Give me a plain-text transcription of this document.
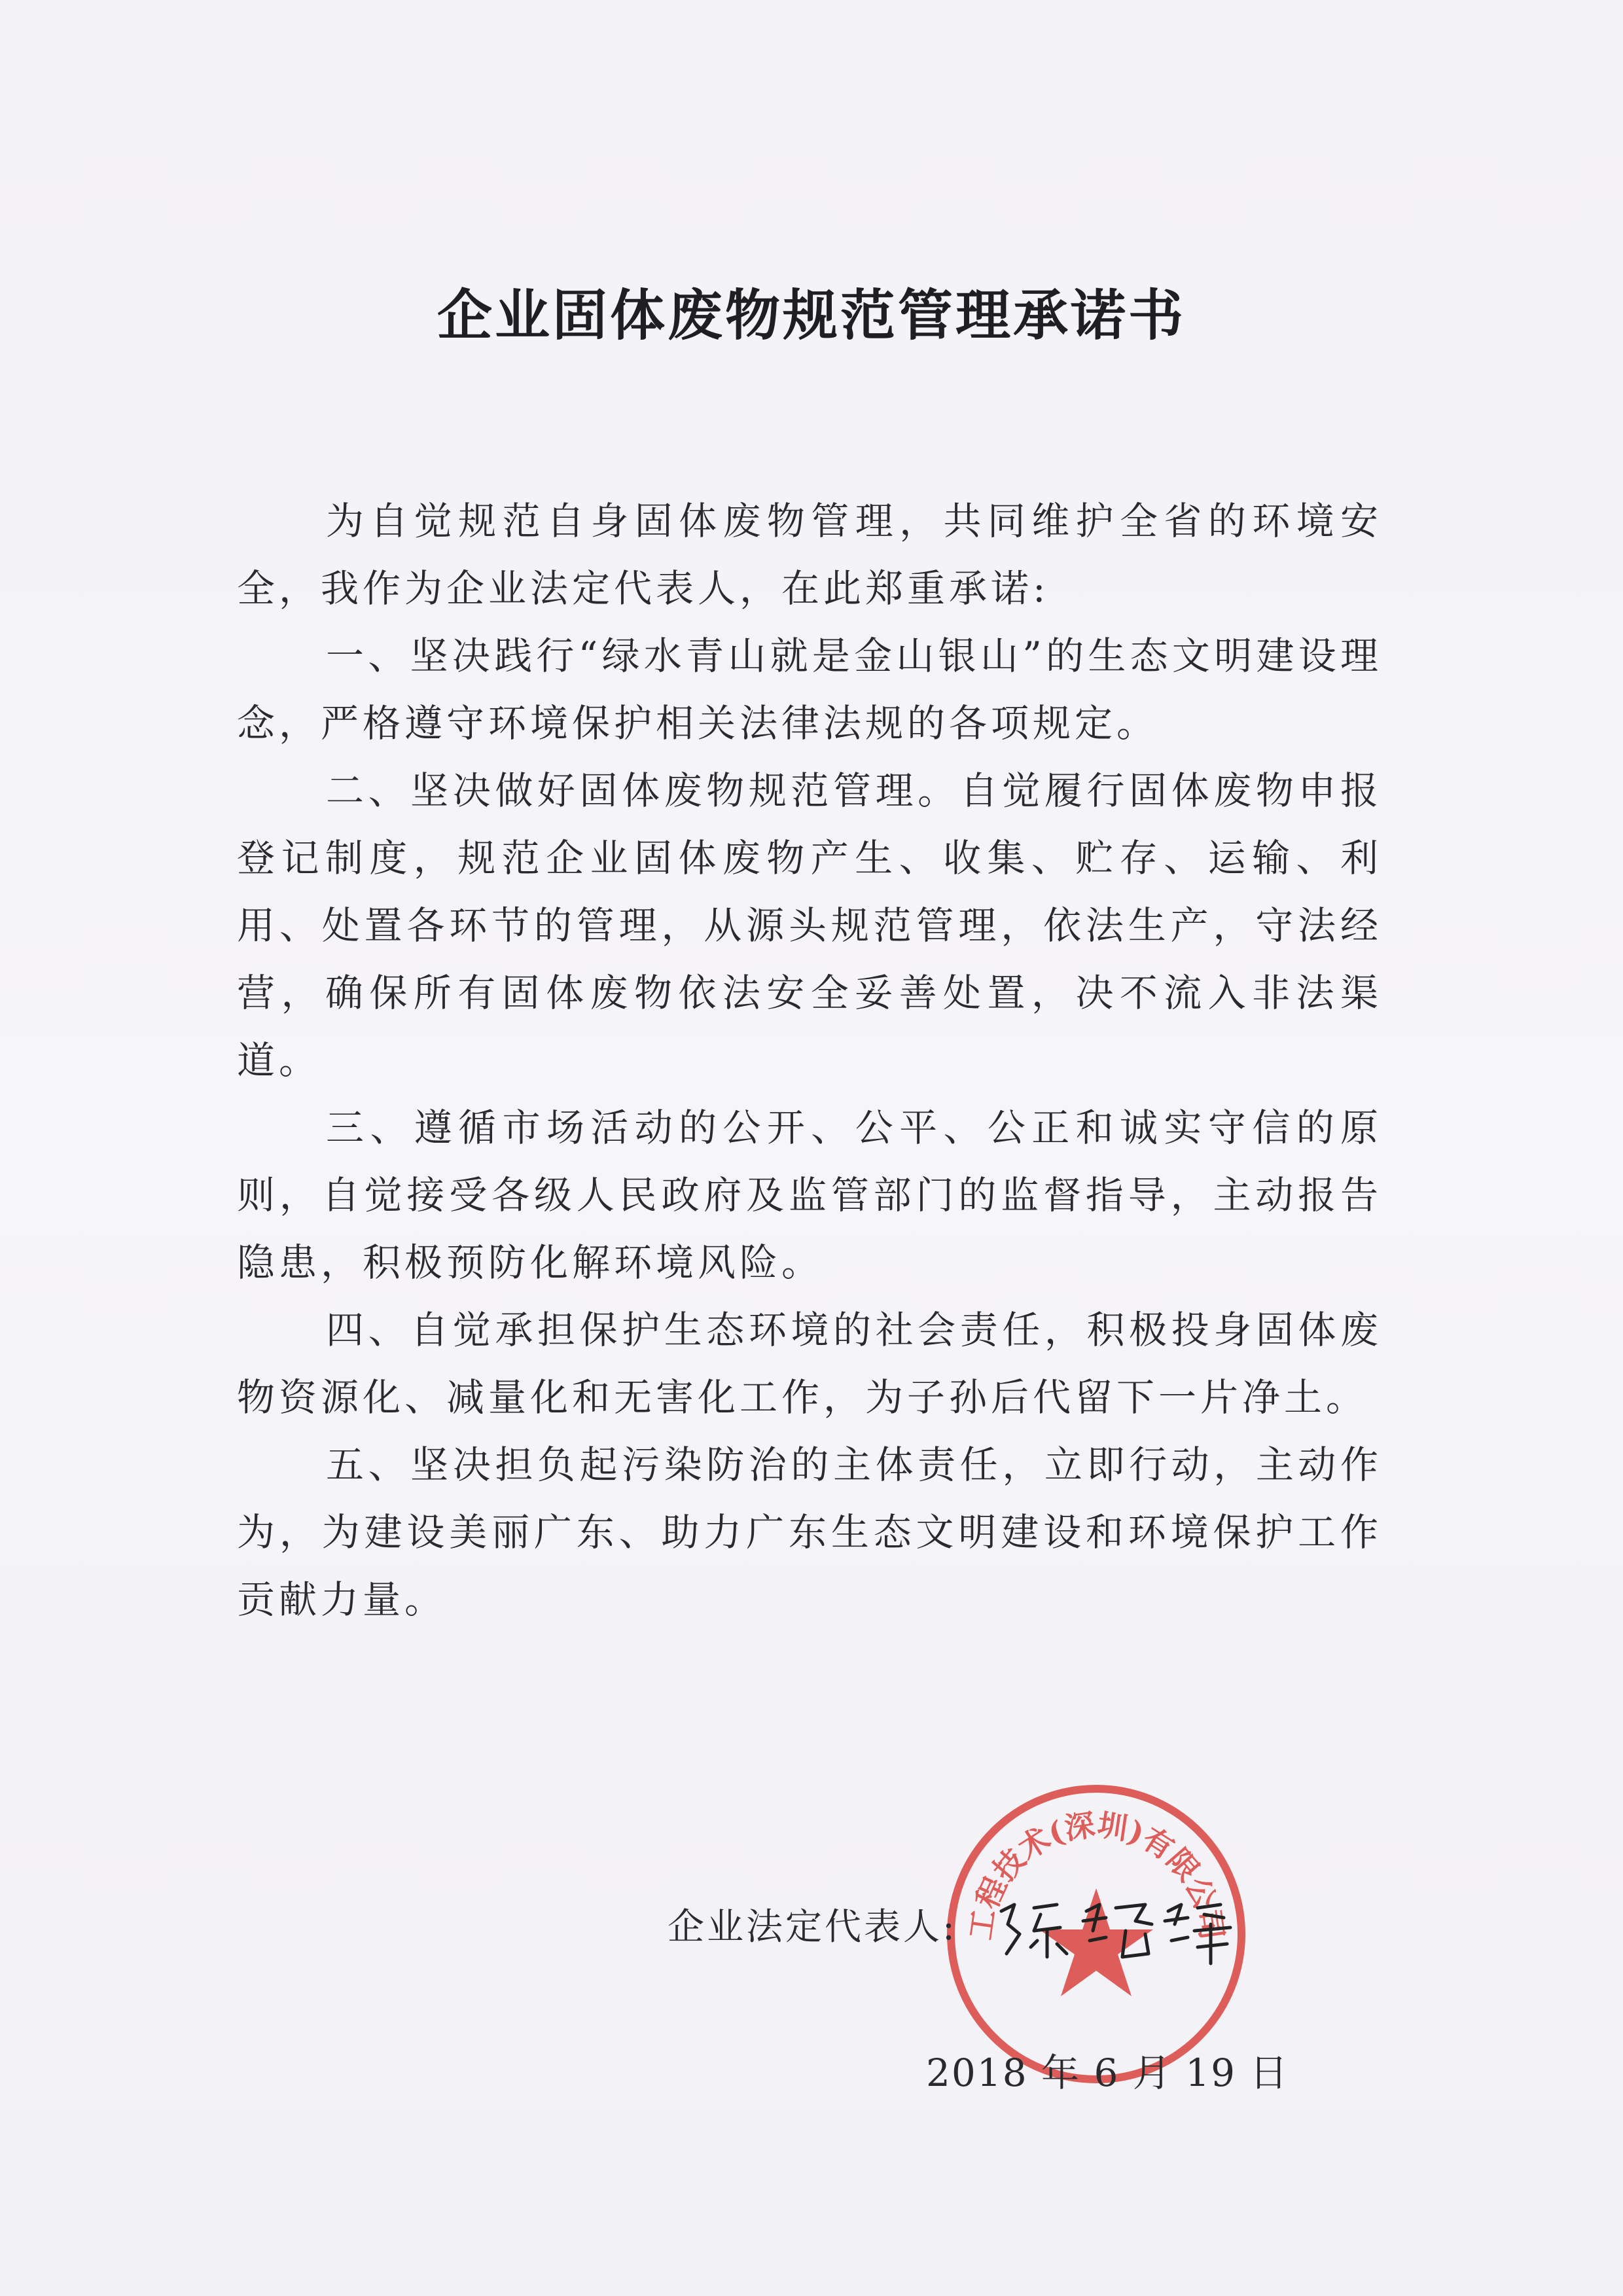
企业固体废物规范管理承诺书

为自觉规范自身固体废物管理，共同维护全省的环境安全，我作为企业法定代表人，在此郑重承诺:

一、坚决践行“绿水青山就是金山银山”的生态文明建设理念，严格遵守环境保护相关法律法规的各项规定。

二、坚决做好固体废物规范管理。自觉履行固体废物申报登记制度，规范企业固体废物产生、收集、贮存、运输、利用、处置各环节的管理，从源头规范管理，依法生产，守法经营，确保所有固体废物依法安全妥善处置，决不流入非法渠道。

三、遵循市场活动的公开、公平、公正和诚实守信的原则，自觉接受各级人民政府及监管部门的监督指导，主动报告隐患，积极预防化解环境风险。

四、自觉承担保护生态环境的社会责任，积极投身固体废物资源化、减量化和无害化工作，为子孙后代留下一片净土。

五、坚决担负起污染防治的主体责任，立即行动，主动作为，为建设美丽广东、助力广东生态文明建设和环境保护工作贡献力量。

工程技术(深圳)有限公司
企业法定代表人:
2018 年 6 月 19 日
